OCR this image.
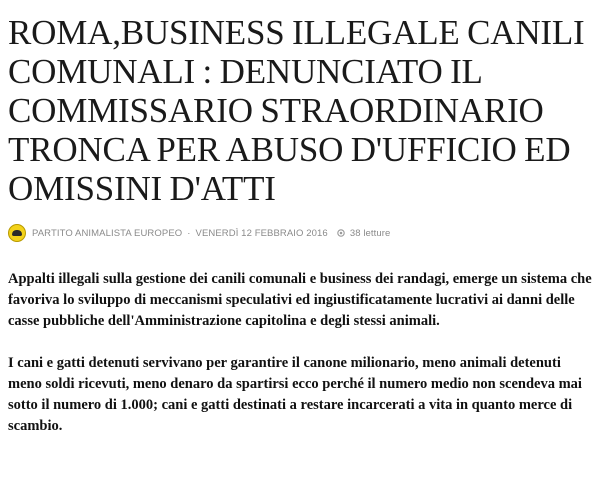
ROMA,BUSINESS ILLEGALE CANILI COMUNALI : DENUNCIATO IL COMMISSARIO STRAORDINARIO TRONCA PER ABUSO D'UFFICIO ED OMISSINI D'ATTI
PARTITO ANIMALISTA EUROPEO · VENERDÌ 12 FEBBRAIO 2016 38 letture

Appalti illegali sulla gestione dei canili comunali e business dei randagi, emerge un sistema che favoriva lo sviluppo di meccanismi speculativi ed ingiustificatamente lucrativi ai danni delle casse pubbliche dell'Amministrazione capitolina e degli stessi animali.

I cani e gatti detenuti servivano per garantire il canone milionario, meno animali detenuti meno soldi ricevuti, meno denaro da spartirsi ecco perché il numero medio non scendeva mai sotto il numero di 1.000; cani e gatti destinati a restare incarcerati a vita in quanto merce di scambio.
